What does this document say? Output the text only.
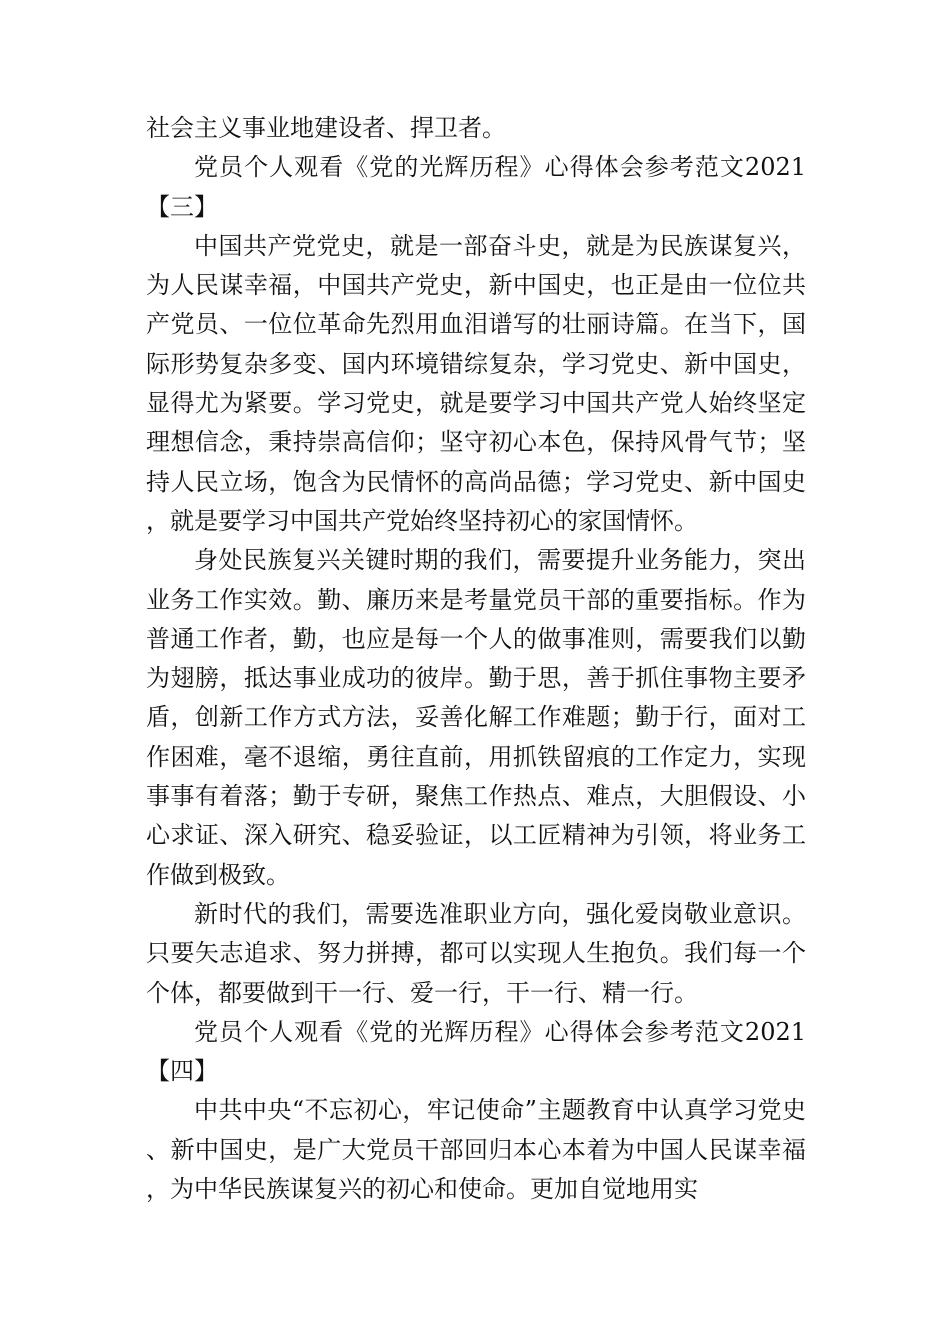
社会主义事业地建设者、捍卫者。

党员个人观看《党的光辉历程》心得体会参考范文2021【三】

中国共产党党史，就是一部奋斗史，就是为民族谋复兴，为人民谋幸福，中国共产党史，新中国史，也正是由一位位共产党员、一位位革命先烈用血泪谱写的壮丽诗篇。在当下，国际形势复杂多变、国内环境错综复杂，学习党史、新中国史，显得尤为紧要。学习党史，就是要学习中国共产党人始终坚定理想信念，秉持崇高信仰；坚守初心本色，保持风骨气节；坚持人民立场，饱含为民情怀的高尚品德；学习党史、新中国史，就是要学习中国共产党始终坚持初心的家国情怀。

身处民族复兴关键时期的我们，需要提升业务能力，突出业务工作实效。勤、廉历来是考量党员干部的重要指标。作为普通工作者，勤，也应是每一个人的做事准则，需要我们以勤为翅膀，抵达事业成功的彼岸。勤于思，善于抓住事物主要矛盾，创新工作方式方法，妥善化解工作难题；勤于行，面对工作困难，毫不退缩，勇往直前，用抓铁留痕的工作定力，实现事事有着落；勤于专研，聚焦工作热点、难点，大胆假设、小心求证、深入研究、稳妥验证，以工匠精神为引领，将业务工作做到极致。

新时代的我们，需要选准职业方向，强化爱岗敬业意识。只要矢志追求、努力拼搏，都可以实现人生抱负。我们每一个个体，都要做到干一行、爱一行，干一行、精一行。

党员个人观看《党的光辉历程》心得体会参考范文2021【四】

中共中央“不忘初心，牢记使命”主题教育中认真学习党史、新中国史，是广大党员干部回归本心本着为中国人民谋幸福，为中华民族谋复兴的初心和使命。更加自觉地用实
